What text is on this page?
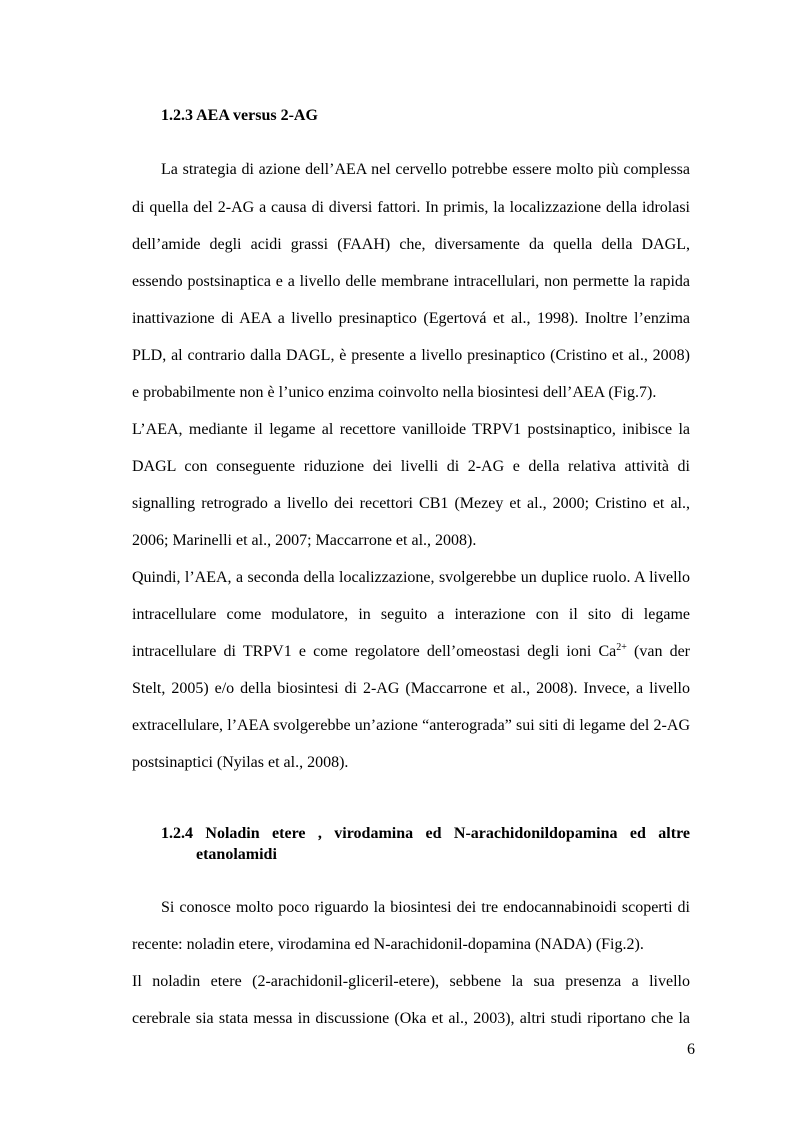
1.2.3 AEA versus 2-AG

La strategia di azione dell’AEA nel cervello potrebbe essere molto più complessa

di quella del 2-AG a causa di diversi fattori. In primis, la localizzazione della idrolasi

dell’amide degli acidi grassi (FAAH) che, diversamente da quella della DAGL,

essendo postsinaptica e a livello delle membrane intracellulari, non permette la rapida

inattivazione di AEA a livello presinaptico (Egertová et al., 1998). Inoltre l’enzima

PLD, al contrario dalla DAGL, è presente a livello presinaptico (Cristino et al., 2008)

e probabilmente non è l’unico enzima coinvolto nella biosintesi dell’AEA (Fig.7).

L’AEA, mediante il legame al recettore vanilloide TRPV1 postsinaptico, inibisce la

DAGL con conseguente riduzione dei livelli di 2-AG e della relativa attività di

signalling retrogrado a livello dei recettori CB1 (Mezey et al., 2000; Cristino et al.,

2006; Marinelli et al., 2007; Maccarrone et al., 2008).

Quindi, l’AEA, a seconda della localizzazione, svolgerebbe un duplice ruolo. A livello

intracellulare come modulatore, in seguito a interazione con il sito di legame

intracellulare di TRPV1 e come regolatore dell’omeostasi degli ioni $Ca^{2+}$ (van der

Stelt, 2005) e/o della biosintesi di 2-AG (Maccarrone et al., 2008). Invece, a livello

extracellulare, l’AEA svolgerebbe un’azione “anterograda” sui siti di legame del 2-AG

postsinaptici (Nyilas et al., 2008).

1.2.4 Noladin etere , virodamina ed N-arachidonildopamina ed altre

etanolamidi

Si conosce molto poco riguardo la biosintesi dei tre endocannabinoidi scoperti di

recente: noladin etere, virodamina ed N-arachidonil-dopamina (NADA) (Fig.2).

Il noladin etere (2-arachidonil-gliceril-etere), sebbene la sua presenza a livello

cerebrale sia stata messa in discussione (Oka et al., 2003), altri studi riportano che la

6
